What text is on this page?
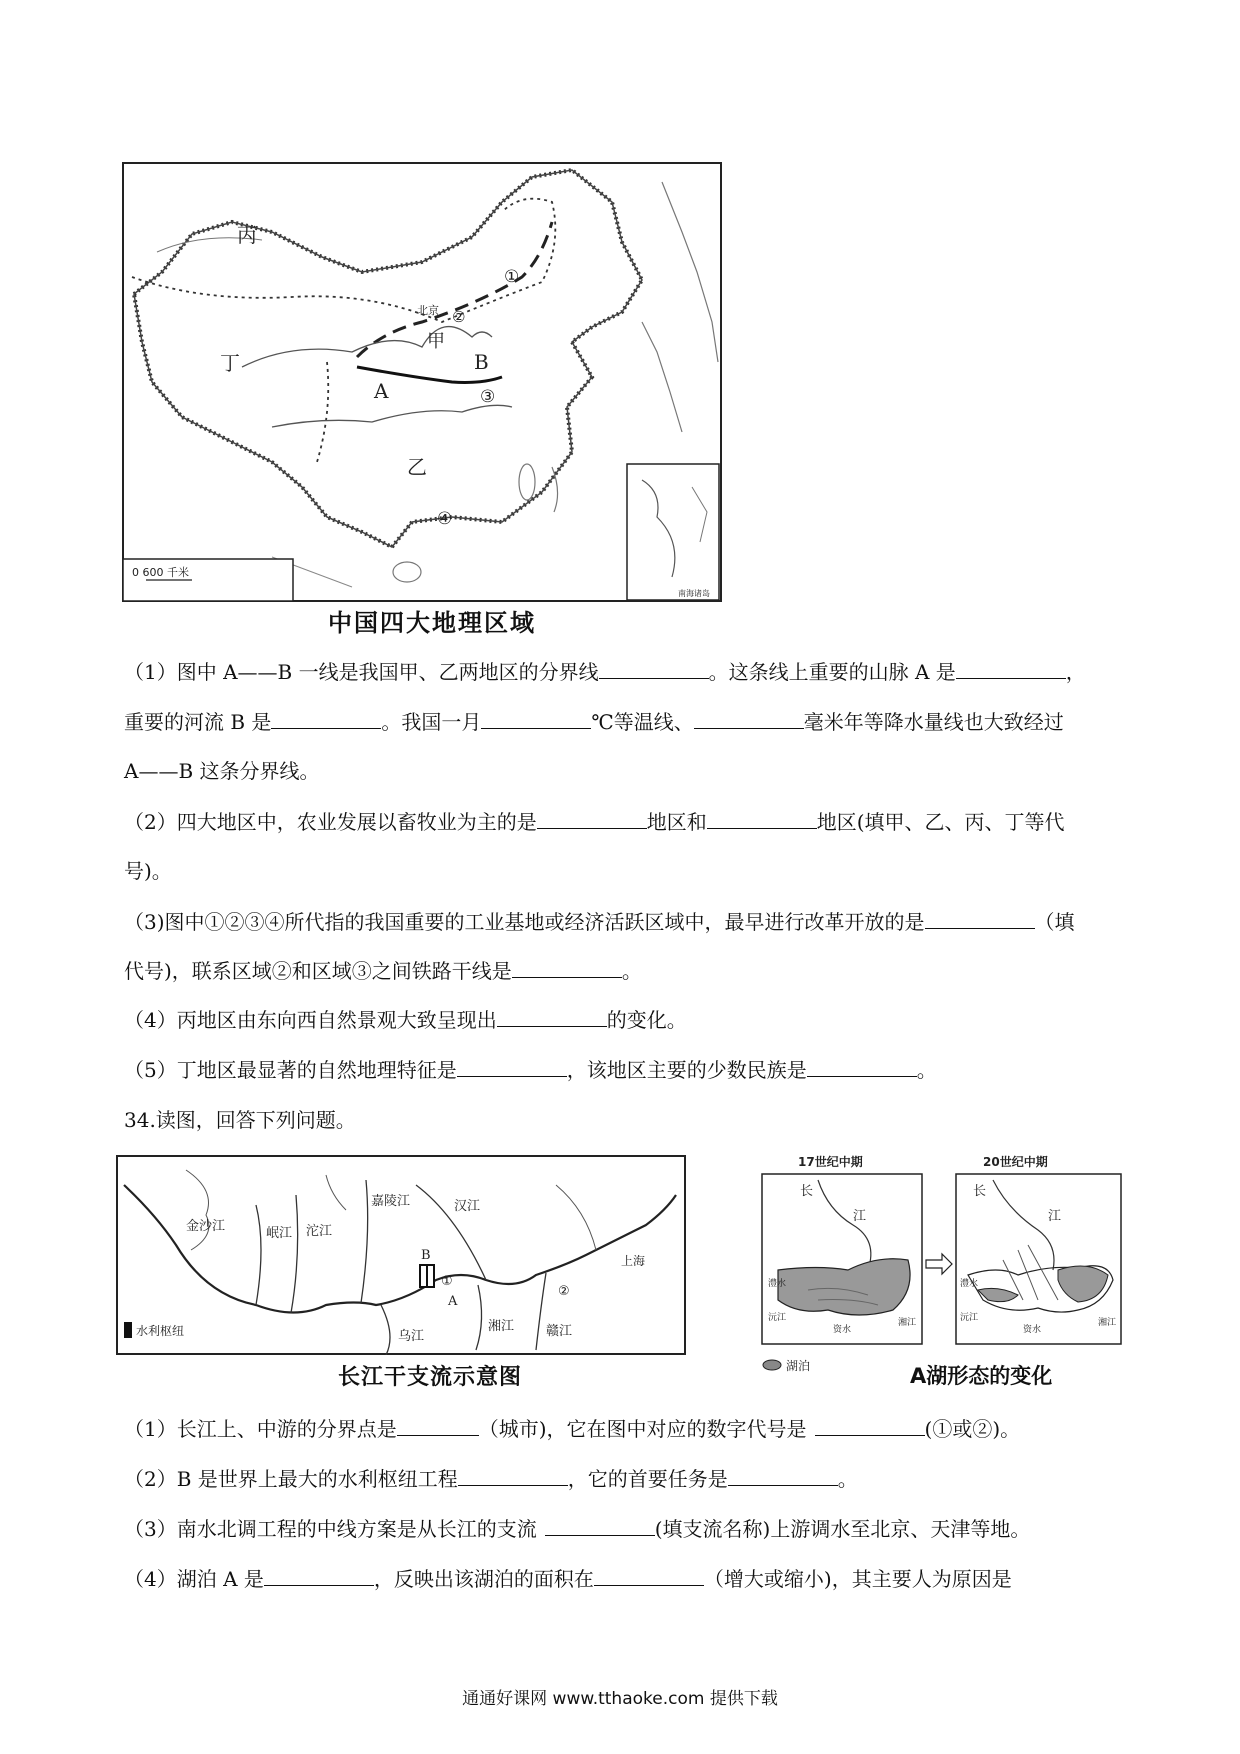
丙
丁
甲
乙
A
B
北京
①
②
③
④
0 600 千米
南海诸岛
中国四大地理区域
（1）图中 A——B 一线是我国甲、乙两地区的分界线	。这条线上重要的山脉 A 是	，
重要的河流 B 是	。我国一月	℃等温线、	毫米年等降水量线也大致经过
A——B 这条分界线。
（2）四大地区中，农业发展以畜牧业为主的是	地区和	地区(填甲、乙、丙、丁等代
号)。
（3)图中①②③④所代指的我国重要的工业基地或经济活跃区域中，最早进行改革开放的是	（填
代号)，联系区域②和区域③之间铁路干线是	。
（4）丙地区由东向西自然景观大致呈现出	的变化。
（5）丁地区最显著的自然地理特征是	，该地区主要的少数民族是	。
34.读图，回答下列问题。
岷江 沱江
嘉陵江	汉江
乌江
湘江 赣江
金沙江
上海
A
B
①
②
水利枢纽
长江干支流示意图
17世纪中期	20世纪中期
长
江
澧水
沅江
资水
湘江
长
江
澧水
沅江
资水
湘江
湖泊	A湖形态的变化
（1）长江上、中游的分界点是	（城市)，它在图中对应的数字代号是	(①或②)。
（2）B 是世界上最大的水利枢纽工程	，它的首要任务是	。
（3）南水北调工程的中线方案是从长江的支流	(填支流名称)上游调水至北京、天津等地。
（4）湖泊 A 是	，反映出该湖泊的面积在	（增大或缩小)，其主要人为原因是
通通好课网 www.tthaoke.com 提供下载
